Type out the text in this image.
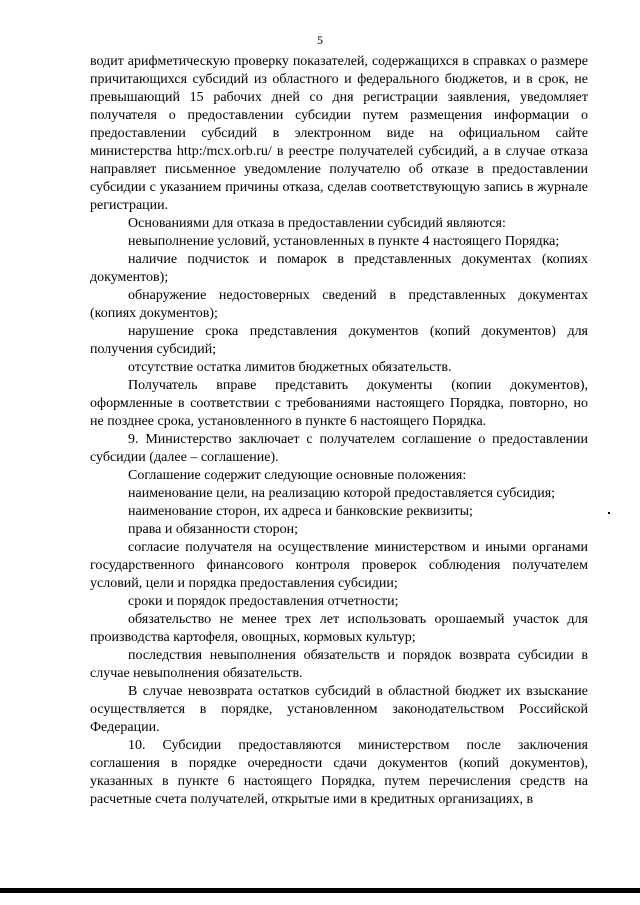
5

водит арифметическую проверку показателей, содержащихся в справках о размере причитающихся субсидий из областного и федерального бюджетов, и в срок, не превышающий 15 рабочих дней со дня регистрации заявления, уведомляет получателя о предоставлении субсидии путем размещения информации о предоставлении субсидий в электронном виде на официальном сайте министерства http:/mcx.orb.ru/ в реестре получателей субсидий, а в случае отказа направляет письменное уведомление получателю об отказе в предоставлении субсидии с указанием причины отказа, сделав соответствующую запись в журнале регистрации.

Основаниями для отказа в предоставлении субсидий являются:

невыполнение условий, установленных в пункте 4 настоящего Порядка;

наличие подчисток и помарок в представленных документах (копиях документов);

обнаружение недостоверных сведений в представленных документах (копиях документов);

нарушение срока представления документов (копий документов) для получения субсидий;

отсутствие остатка лимитов бюджетных обязательств.

Получатель вправе представить документы (копии документов), оформленные в соответствии с требованиями настоящего Порядка, повторно, но не позднее срока, установленного в пункте 6 настоящего Порядка.

9. Министерство заключает с получателем соглашение о предоставлении субсидии (далее – соглашение).

Соглашение содержит следующие основные положения:

наименование цели, на реализацию которой предоставляется субсидия;

наименование сторон, их адреса и банковские реквизиты;

права и обязанности сторон;

согласие получателя на осуществление министерством и иными органами государственного финансового контроля проверок соблюдения получателем условий, цели и порядка предоставления субсидии;

сроки и порядок предоставления отчетности;

обязательство не менее трех лет использовать орошаемый участок для производства картофеля, овощных, кормовых культур;

последствия невыполнения обязательств и порядок возврата субсидии в случае невыполнения обязательств.

В случае невозврата остатков субсидий в областной бюджет их взыскание осуществляется в порядке, установленном законодательством Российской Федерации.

10. Субсидии предоставляются министерством после заключения соглашения в порядке очередности сдачи документов (копий документов), указанных в пункте 6 настоящего Порядка, путем перечисления средств на расчетные счета получателей, открытые ими в кредитных организациях, в
